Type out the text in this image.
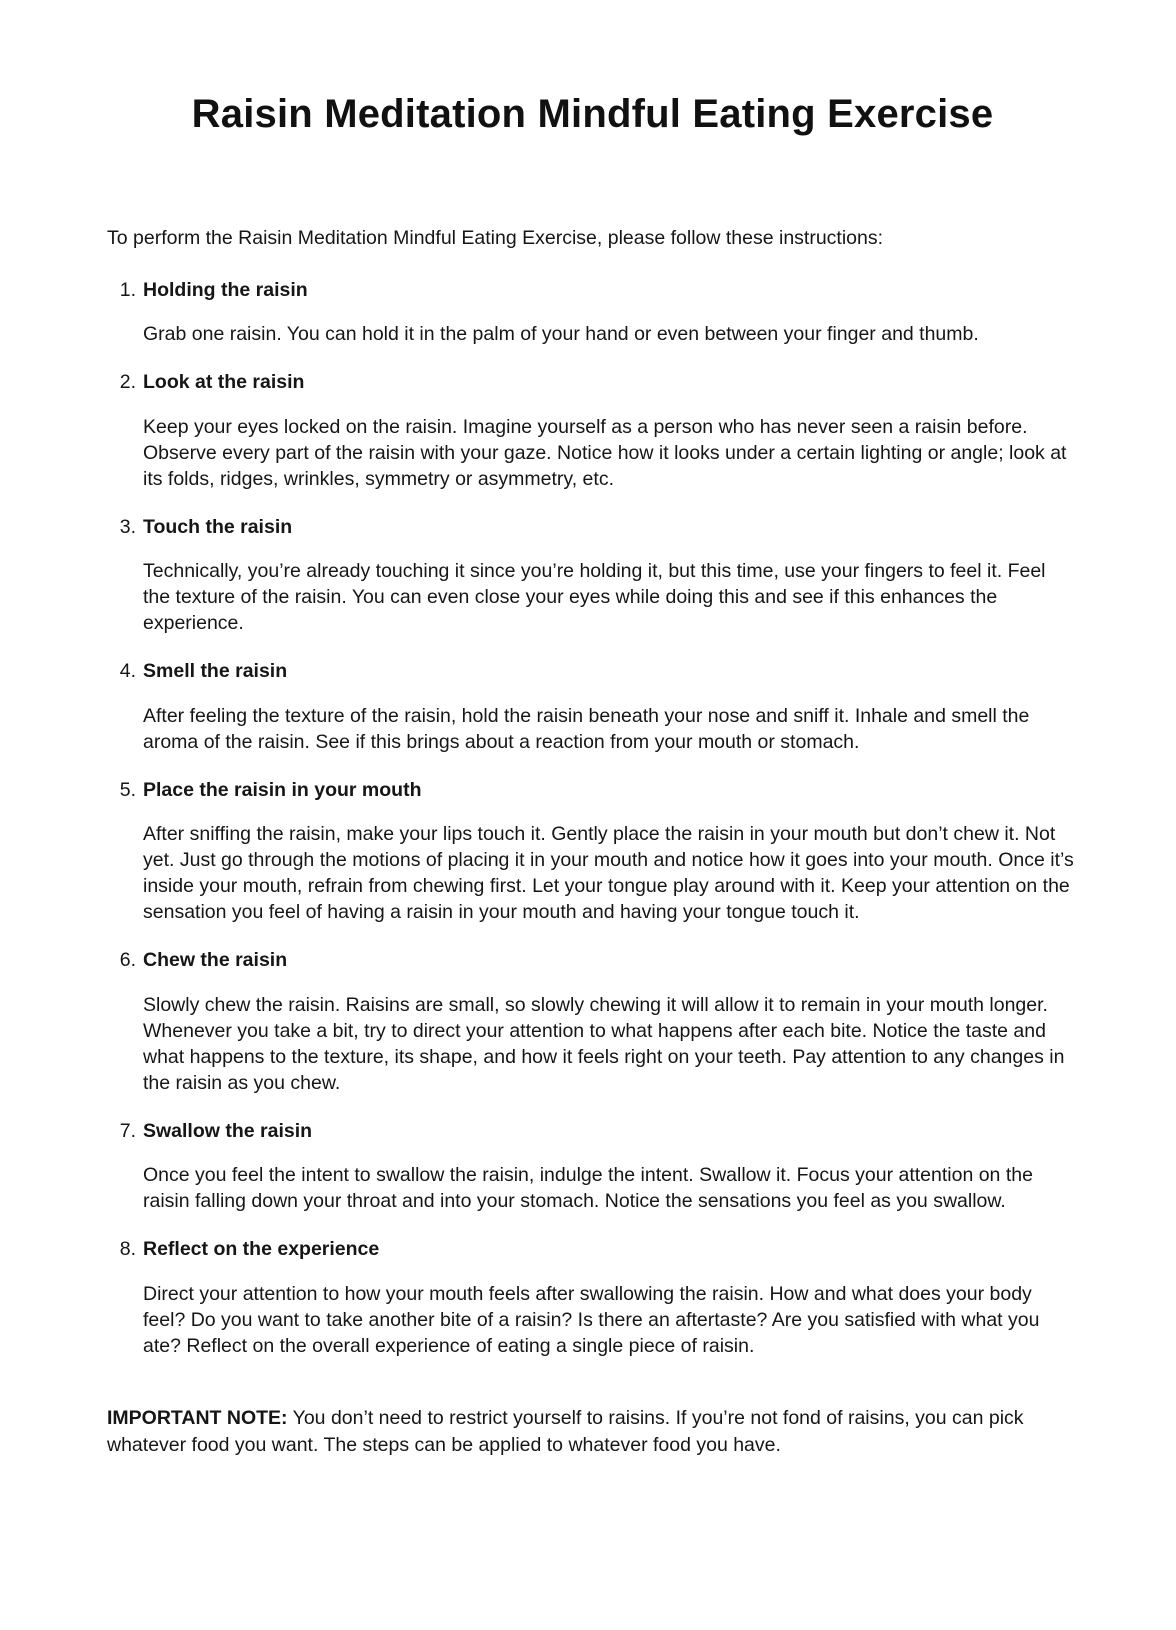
Raisin Meditation Mindful Eating Exercise

To perform the Raisin Meditation Mindful Eating Exercise, please follow these instructions:

1. Holding the raisin

Grab one raisin. You can hold it in the palm of your hand or even between your finger and thumb.

2. Look at the raisin

Keep your eyes locked on the raisin. Imagine yourself as a person who has never seen a raisin before. Observe every part of the raisin with your gaze. Notice how it looks under a certain lighting or angle; look at its folds, ridges, wrinkles, symmetry or asymmetry, etc.

3. Touch the raisin

Technically, you’re already touching it since you’re holding it, but this time, use your fingers to feel it. Feel the texture of the raisin. You can even close your eyes while doing this and see if this enhances the experience.

4. Smell the raisin

After feeling the texture of the raisin, hold the raisin beneath your nose and sniff it. Inhale and smell the aroma of the raisin. See if this brings about a reaction from your mouth or stomach.

5. Place the raisin in your mouth

After sniffing the raisin, make your lips touch it. Gently place the raisin in your mouth but don’t chew it. Not yet. Just go through the motions of placing it in your mouth and notice how it goes into your mouth. Once it’s inside your mouth, refrain from chewing first. Let your tongue play around with it. Keep your attention on the sensation you feel of having a raisin in your mouth and having your tongue touch it.

6. Chew the raisin

Slowly chew the raisin. Raisins are small, so slowly chewing it will allow it to remain in your mouth longer. Whenever you take a bit, try to direct your attention to what happens after each bite. Notice the taste and what happens to the texture, its shape, and how it feels right on your teeth. Pay attention to any changes in the raisin as you chew.

7. Swallow the raisin

Once you feel the intent to swallow the raisin, indulge the intent. Swallow it. Focus your attention on the raisin falling down your throat and into your stomach. Notice the sensations you feel as you swallow.

8. Reflect on the experience

Direct your attention to how your mouth feels after swallowing the raisin. How and what does your body feel? Do you want to take another bite of a raisin? Is there an aftertaste? Are you satisfied with what you ate? Reflect on the overall experience of eating a single piece of raisin.

IMPORTANT NOTE: You don’t need to restrict yourself to raisins. If you’re not fond of raisins, you can pick whatever food you want. The steps can be applied to whatever food you have.
